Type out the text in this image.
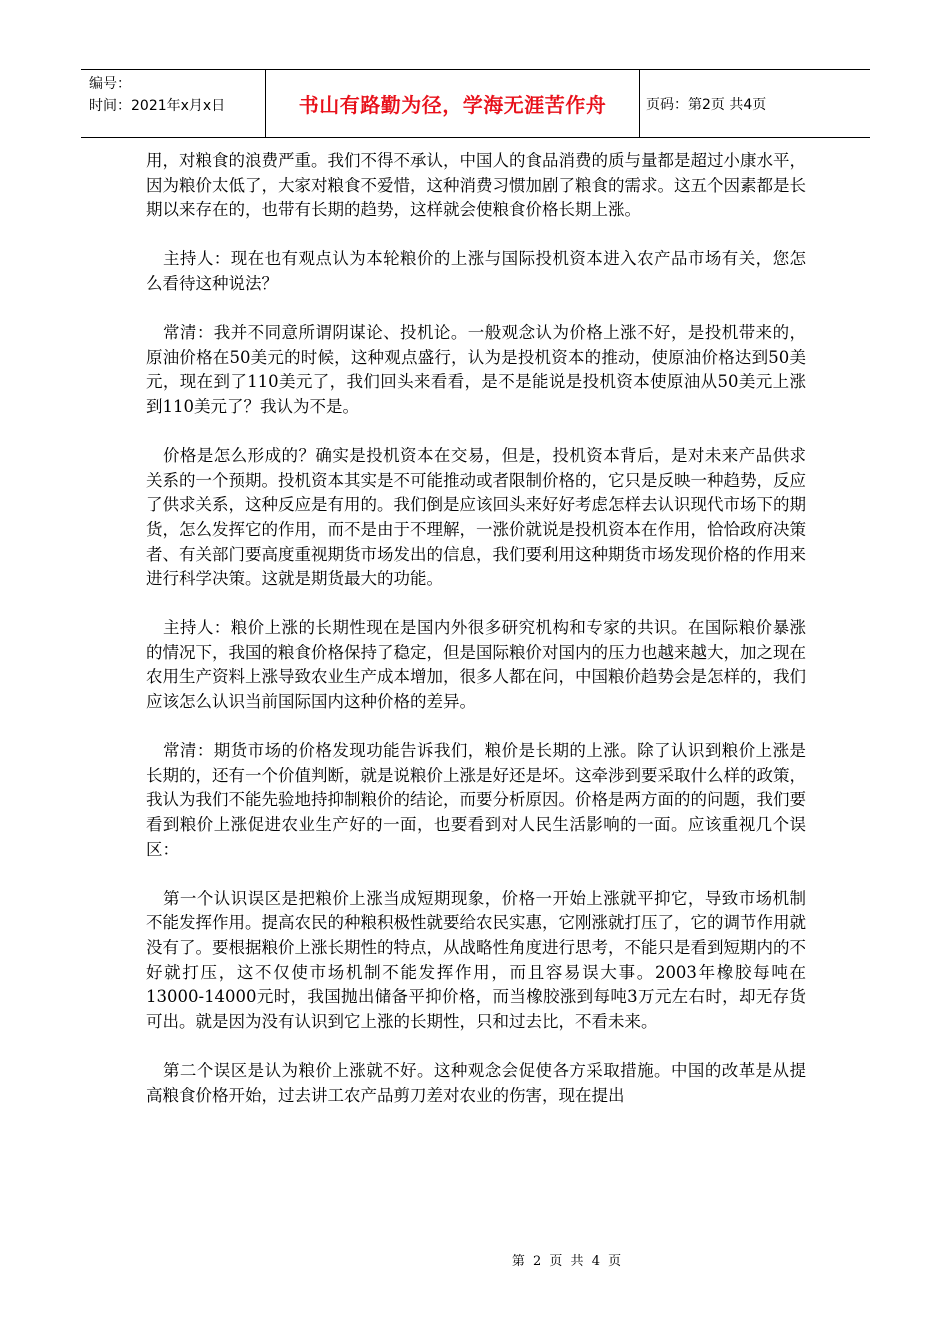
编号：
时间：2021年x月x日	书山有路勤为径，学海无涯苦作舟	页码：第2页 共4页

用，对粮食的浪费严重。我们不得不承认，中国人的食品消费的质与量都是超过小康水平，因为粮价太低了，大家对粮食不爱惜，这种消费习惯加剧了粮食的需求。这五个因素都是长期以来存在的，也带有长期的趋势，这样就会使粮食价格长期上涨。

主持人：现在也有观点认为本轮粮价的上涨与国际投机资本进入农产品市场有关，您怎么看待这种说法？

常清：我并不同意所谓阴谋论、投机论。一般观念认为价格上涨不好，是投机带来的，原油价格在50美元的时候，这种观点盛行，认为是投机资本的推动，使原油价格达到50美元，现在到了110美元了，我们回头来看看，是不是能说是投机资本使原油从50美元上涨到110美元了？我认为不是。

价格是怎么形成的？确实是投机资本在交易，但是，投机资本背后，是对未来产品供求关系的一个预期。投机资本其实是不可能推动或者限制价格的，它只是反映一种趋势，反应了供求关系，这种反应是有用的。我们倒是应该回头来好好考虑怎样去认识现代市场下的期货，怎么发挥它的作用，而不是由于不理解，一涨价就说是投机资本在作用，恰恰政府决策者、有关部门要高度重视期货市场发出的信息，我们要利用这种期货市场发现价格的作用来进行科学决策。这就是期货最大的功能。

主持人：粮价上涨的长期性现在是国内外很多研究机构和专家的共识。在国际粮价暴涨的情况下，我国的粮食价格保持了稳定，但是国际粮价对国内的压力也越来越大，加之现在农用生产资料上涨导致农业生产成本增加，很多人都在问，中国粮价趋势会是怎样的，我们应该怎么认识当前国际国内这种价格的差异。

常清：期货市场的价格发现功能告诉我们，粮价是长期的上涨。除了认识到粮价上涨是长期的，还有一个价值判断，就是说粮价上涨是好还是坏。这牵涉到要采取什么样的政策，我认为我们不能先验地持抑制粮价的结论，而要分析原因。价格是两方面的的问题，我们要看到粮价上涨促进农业生产好的一面，也要看到对人民生活影响的一面。应该重视几个误区：

第一个认识误区是把粮价上涨当成短期现象，价格一开始上涨就平抑它，导致市场机制不能发挥作用。提高农民的种粮积极性就要给农民实惠，它刚涨就打压了，它的调节作用就没有了。要根据粮价上涨长期性的特点，从战略性角度进行思考，不能只是看到短期内的不好就打压，这不仅使市场机制不能发挥作用，而且容易误大事。2003年橡胶每吨在13000-14000元时，我国抛出储备平抑价格，而当橡胶涨到每吨3万元左右时，却无存货可出。就是因为没有认识到它上涨的长期性，只和过去比，不看未来。

第二个误区是认为粮价上涨就不好。这种观念会促使各方采取措施。中国的改革是从提高粮食价格开始，过去讲工农产品剪刀差对农业的伤害，现在提出

第 2 页 共 4 页
